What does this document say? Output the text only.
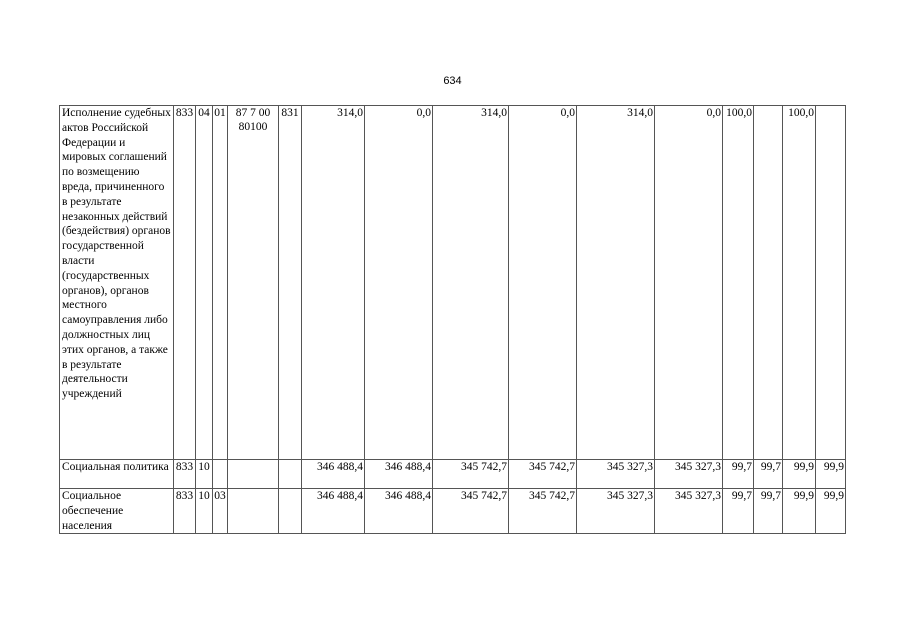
634
Исполнение судебных актов Российской Федерации и мировых соглашений по возмещению вреда, причиненного в результате незаконных действий (бездействия) органов государственной власти (государственных органов), органов местного самоуправления либо должностных лиц этих органов, а также в результате деятельности учреждений	833	04	01	87 7 00 80100	831	314,0	0,0	314,0	0,0	314,0	0,0	100,0		100,0	
Социальная политика	833	10				346 488,4	346 488,4	345 742,7	345 742,7	345 327,3	345 327,3	99,7	99,7	99,9	99,9
Социальное обеспечение населения	833	10	03			346 488,4	346 488,4	345 742,7	345 742,7	345 327,3	345 327,3	99,7	99,7	99,9	99,9
